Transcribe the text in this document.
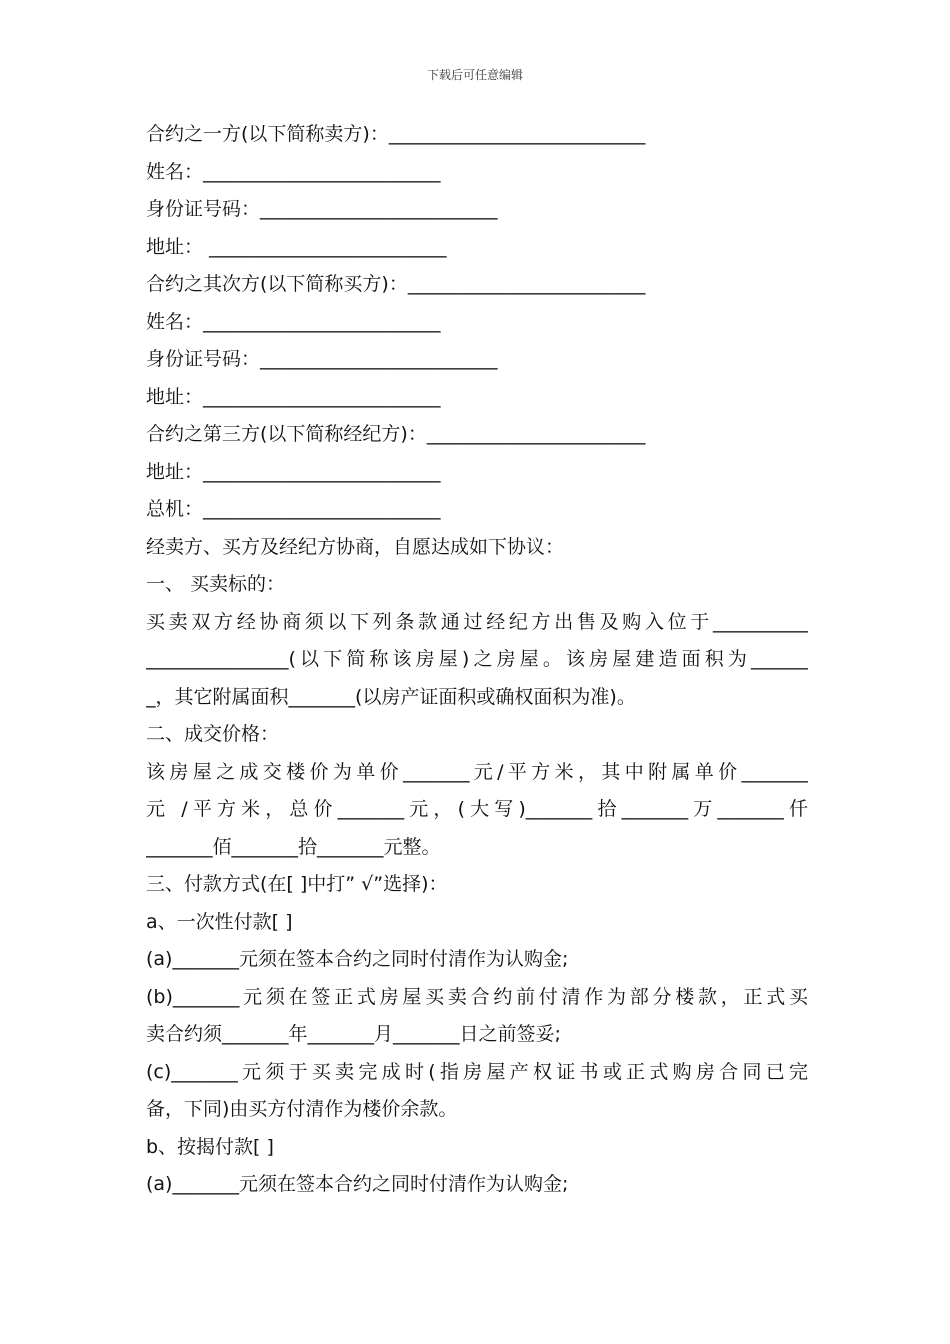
下载后可任意编辑
合约之一方(以下简称卖方)：___________________________
姓名：_________________________
身份证号码：_________________________
地址： _________________________
合约之其次方(以下简称买方)：_________________________
姓名：_________________________
身份证号码：_________________________
地址：_________________________
合约之第三方(以下简称经纪方)：_______________________
地址：_________________________
总机：_________________________
经卖方、买方及经纪方协商，自愿达成如下协议：
一、 买卖标的：
买卖双方经协商须以下列条款通过经纪方出售及购入位于__________
_______________(以下简称该房屋)之房屋。该房屋建造面积为______
_，其它附属面积_______(以房产证面积或确权面积为准)。
二、成交价格：
该房屋之成交楼价为单价_______元/平方米，其中附属单价_______
元 /平方米，总价_______元，(大写)_______拾_______万_______仟
_______佰_______拾_______元整。
三、付款方式(在[ ]中打” √”选择)：
a、一次性付款[ ]
(a)_______元须在签本合约之同时付清作为认购金;
(b)_______元须在签正式房屋买卖合约前付清作为部分楼款，正式买
卖合约须_______年_______月_______日之前签妥;
(c)_______元须于买卖完成时(指房屋产权证书或正式购房合同已完
备，下同)由买方付清作为楼价余款。
b、按揭付款[ ]
(a)_______元须在签本合约之同时付清作为认购金;
